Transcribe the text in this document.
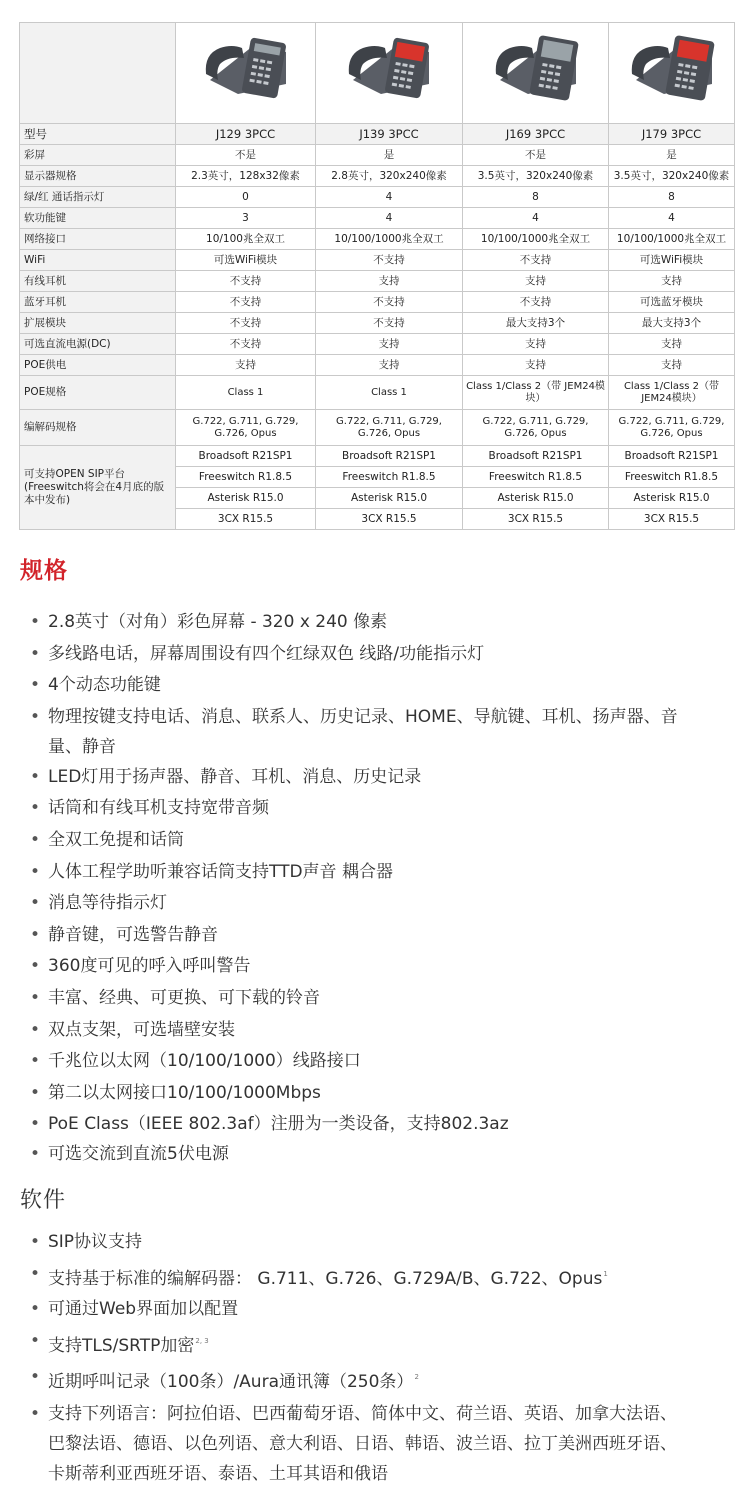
型号	J129 3PCC	J139 3PCC	J169 3PCC	J179 3PCC
彩屏	不是	是	不是	是
显示器规格	2.3英寸，128x32像素	2.8英寸，320x240像素	3.5英寸，320x240像素	3.5英寸，320x240像素
绿/红 通话指示灯	0	4	8	8
软功能键	3	4	4	4
网络接口	10/100兆全双工	10/100/1000兆全双工	10/100/1000兆全双工	10/100/1000兆全双工
WiFi	可选WiFi模块	不支持	不支持	可选WiFi模块
有线耳机	不支持	支持	支持	支持
蓝牙耳机	不支持	不支持	不支持	可选蓝牙模块
扩展模块	不支持	不支持	最大支持3个	最大支持3个
可选直流电源(DC)	不支持	支持	支持	支持
POE供电	支持	支持	支持	支持
POE规格	Class 1	Class 1	Class 1/Class 2（带 JEM24模块）	Class 1/Class 2（带 JEM24模块）
编解码规格	G.722, G.711, G.729, G.726, Opus	G.722, G.711, G.729, G.726, Opus	G.722, G.711, G.729, G.726, Opus	G.722, G.711, G.729, G.726, Opus
可支持OPEN SIP平台 (Freeswitch将会在4月底的版本中发布)	Broadsoft R21SP1	Broadsoft R21SP1	Broadsoft R21SP1	Broadsoft R21SP1
	Freeswitch R1.8.5	Freeswitch R1.8.5	Freeswitch R1.8.5	Freeswitch R1.8.5
	Asterisk R15.0	Asterisk R15.0	Asterisk R15.0	Asterisk R15.0
	3CX R15.5	3CX R15.5	3CX R15.5	3CX R15.5
规格
• 2.8英寸（对角）彩色屏幕 - 320 x 240 像素
• 多线路电话，屏幕周围设有四个红绿双色 线路/功能指示灯
• 4个动态功能键
• 物理按键支持电话、消息、联系人、历史记录、HOME、导航键、耳机、扬声器、音量、静音
• LED灯用于扬声器、静音、耳机、消息、历史记录
• 话筒和有线耳机支持宽带音频
• 全双工免提和话筒
• 人体工程学助听兼容话筒支持TTD声音 耦合器
• 消息等待指示灯
• 静音键，可选警告静音
• 360度可见的呼入呼叫警告
• 丰富、经典、可更换、可下载的铃音
• 双点支架，可选墙壁安装
• 千兆位以太网（10/100/1000）线路接口
• 第二以太网接口10/100/1000Mbps
• PoE Class（IEEE 802.3af）注册为一类设备，支持802.3az
• 可选交流到直流5伏电源
软件
• SIP协议支持
• 支持基于标准的编解码器： G.711、G.726、G.729A/B、G.722、Opus$^1$
• 可通过Web界面加以配置
• 支持TLS/SRTP加密$^{2, 3}$
• 近期呼叫记录（100条）/Aura通讯簿（250条）$^2$
• 支持下列语言：阿拉伯语、巴西葡萄牙语、简体中文、荷兰语、英语、加拿大法语、巴黎法语、德语、以色列语、意大利语、日语、韩语、波兰语、拉丁美洲西班牙语、卡斯蒂利亚西班牙语、泰语、土耳其语和俄语
